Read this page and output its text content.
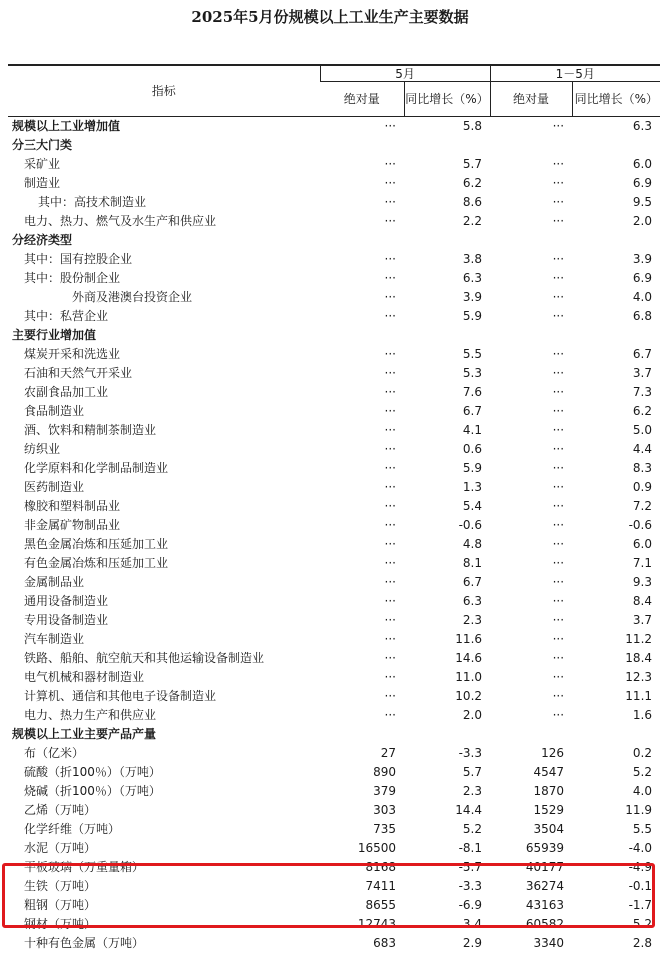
2025年5月份规模以上工业生产主要数据
指标	5月		1－5月	
	绝对量	同比增长（%）	绝对量	同比增长（%）
规模以上工业增加值	···	5.8	···	6.3
分三大门类				
采矿业	···	5.7	···	6.0
制造业	···	6.2	···	6.9
其中：高技术制造业	···	8.6	···	9.5
电力、热力、燃气及水生产和供应业	···	2.2	···	2.0
分经济类型				
其中：国有控股企业	···	3.8	···	3.9
其中：股份制企业	···	6.3	···	6.9
外商及港澳台投资企业	···	3.9	···	4.0
其中：私营企业	···	5.9	···	6.8
主要行业增加值				
煤炭开采和洗选业	···	5.5	···	6.7
石油和天然气开采业	···	5.3	···	3.7
农副食品加工业	···	7.6	···	7.3
食品制造业	···	6.7	···	6.2
酒、饮料和精制茶制造业	···	4.1	···	5.0
纺织业	···	0.6	···	4.4
化学原料和化学制品制造业	···	5.9	···	8.3
医药制造业	···	1.3	···	0.9
橡胶和塑料制品业	···	5.4	···	7.2
非金属矿物制品业	···	-0.6	···	-0.6
黑色金属冶炼和压延加工业	···	4.8	···	6.0
有色金属冶炼和压延加工业	···	8.1	···	7.1
金属制品业	···	6.7	···	9.3
通用设备制造业	···	6.3	···	8.4
专用设备制造业	···	2.3	···	3.7
汽车制造业	···	11.6	···	11.2
铁路、船舶、航空航天和其他运输设备制造业	···	14.6	···	18.4
电气机械和器材制造业	···	11.0	···	12.3
计算机、通信和其他电子设备制造业	···	10.2	···	11.1
电力、热力生产和供应业	···	2.0	···	1.6
规模以上工业主要产品产量				
布（亿米）	27	-3.3	126	0.2
硫酸（折100％）（万吨）	890	5.7	4547	5.2
烧碱（折100％）（万吨）	379	2.3	1870	4.0
乙烯（万吨）	303	14.4	1529	11.9
化学纤维（万吨）	735	5.2	3504	5.5
水泥（万吨）	16500	-8.1	65939	-4.0
平板玻璃（万重量箱）	8168	-5.7	40177	-4.9
生铁（万吨）	7411	-3.3	36274	-0.1
粗钢（万吨）	8655	-6.9	43163	-1.7
钢材（万吨）	12743	3.4	60582	5.2
十种有色金属（万吨）	683	2.9	3340	2.8
